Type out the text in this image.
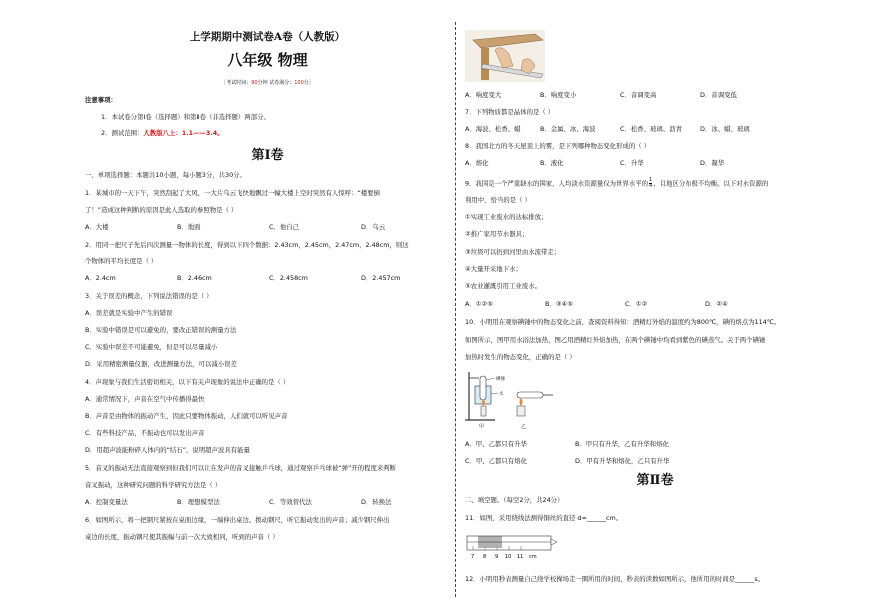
上学期期中测试卷A卷（人教版）
八年级 物理
［考试时间：90分钟 试卷满分：100分］
注意事项：
1．本试卷分第Ⅰ卷（选择题）和第Ⅱ卷（非选择题）两部分。
2．测试范围：人教版八上：1.1——3.4。
第Ⅰ卷
一、单项选择题：本题共10小题，每小题3分，共30分。
1．某城市的一天下午，突然刮起了大风，一大片乌云飞快地飘过一幢大楼上空时突然有人惊呼：“楼要倒
了！”造成这种判断的原因是此人选取的参照物是（ ）
A．大楼	B．地面	C．他自己	D．乌云
2．用同一把尺子先后四次测量一物体的长度，得到以下四个数据：2.43cm，2.45cm，2.47cm，2.48cm，则这
个物体的平均长度是（ ）
A．2.4cm	B．2.46cm	C．2.458cm	D．2.457cm
3．关于误差的概念，下列说法错误的是（ ）
A．误差就是实验中产生的错误
B．实验中错误是可以避免的，要改正错误的测量方法
C．实验中误差不可能避免，但是可以尽量减小
D．采用精密测量仪器，改进测量方法，可以减小误差
4．声现象与我们生活密切相关，以下有关声现象的说法中正确的是（ ）
A．通常情况下，声音在空气中传播得最快
B．声音是由物体的振动产生，因此只要物体振动，人们就可以听见声音
C．有些科技产品，不振动也可以发出声音
D．用超声波能粉碎人体内的“结石”，说明超声波具有能量
5．音叉的振动无法直接观察到但我们可以让在发声的音叉接触乒乓球，通过观察乒乓球被“弹”开的程度来判断
音叉振动，这种研究问题的科学研究方法是（ ）
A．控制变量法	B．理想模型法	C．等效替代法	D．转换法
6．如图所示，将一把钢尺紧按在桌面边缘，一端伸出桌边。拨动钢尺，听它振动发出的声音；减少钢尺伸出
桌边的长度，振动钢尺使其振幅与前一次大致相同，听到的声音（ ）
A．响度变大	B．响度变小	C．音调变高	D．音调变低
7．下列物质都是晶体的是（ ）
A．海波、松香、蜡	B．金属、冰、海波	C．松香、玻璃、沥青	D．冰、蜡、玻璃
8．我国北方的冬天屋顶上的雾，是下列哪种物态变化形成的（ ）
A．熔化	B．液化	C．升华	D．凝华
9．我国是一个严重缺水的国家，人均淡水资源量仅为世界水平的 $\frac{1}{4}$ ，且地区分布极不均衡。以下对水资源的
利用中，恰当的是（ ）
①实现工业废水的达标排放；
②推广家用节水器具；
③垃圾可以扔到河里由水流带走；
④大量开采地下水；
⑤农业灌溉引用工业废水。
A．①②⑤	B．③④⑤	C．①②	D．②④
10．小明用在观察碘锤中的物态变化之前，查阅资料得知：酒精灯外焰的温度约为800℃，碘的熔点为114℃。
如图所示，图甲用水浴法加热，图乙用酒精灯外焰加热，在两个碘锤中均看到紫色的碘蒸气。关于两个碘锤
加热时发生的物态变化，正确的是（ ）
碘锤
水
甲	乙
A．甲、乙都只有升华	B．甲只有升华，乙有升华和熔化
C．甲、乙都只有熔化	D．甲有升华和熔化，乙只有升华
第Ⅱ卷
二、填空题。（每空2分，共24分）
11．如图，采用绕线法测得铜丝的直径 d=______cm。
7 8 9 10 11 cm
12．小明用秒表测量自己绕学校操场走一圈所用的时间，秒表的读数如图所示，他所用的时间是______s。
